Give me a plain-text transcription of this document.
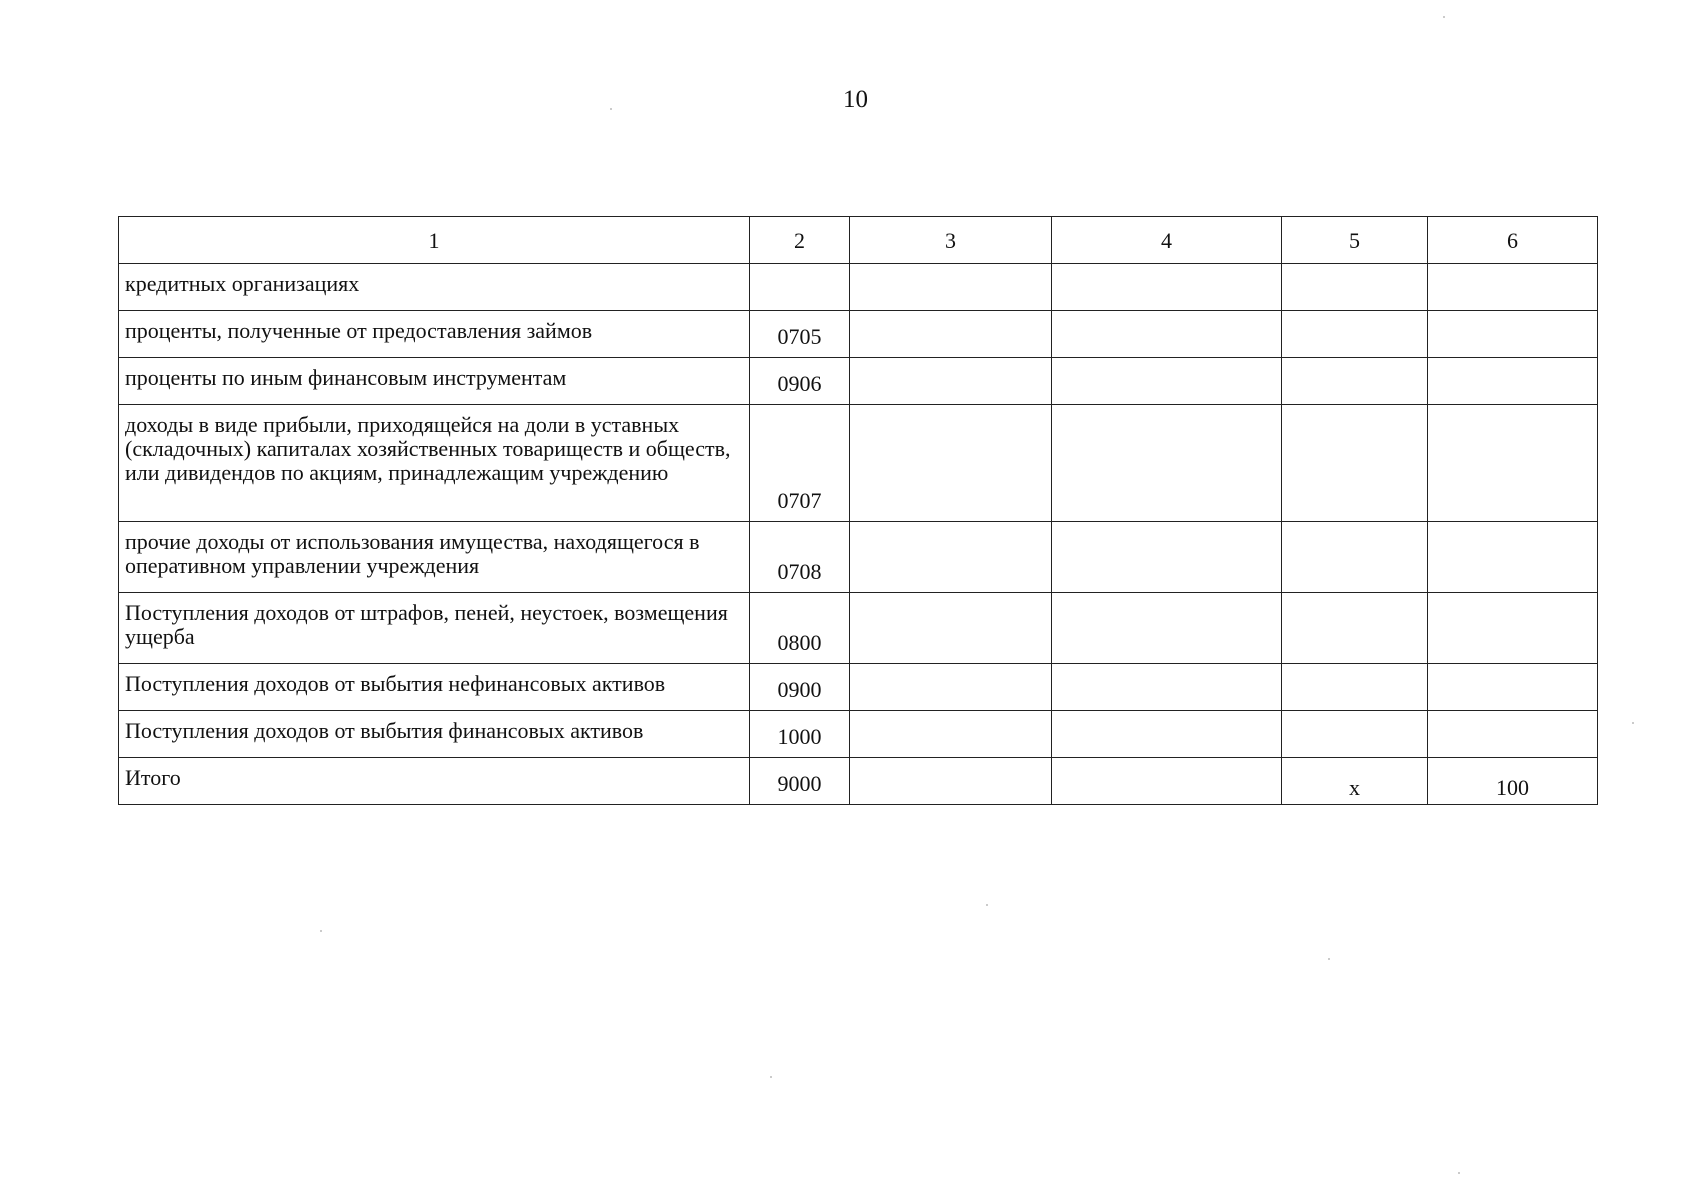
10
1	2	3	4	5	6
кредитных организациях					
проценты, полученные от предоставления займов	0705				
проценты по иным финансовым инструментам	0906				
доходы в виде прибыли, приходящейся на доли в уставных (складочных) капиталах хозяйственных товариществ и обществ, или дивидендов по акциям, принадлежащим учреждению	0707				
прочие доходы от использования имущества, находящегося в оперативном управлении учреждения	0708				
Поступления доходов от штрафов, пеней, неустоек, возмещения ущерба	0800				
Поступления доходов от выбытия нефинансовых активов	0900				
Поступления доходов от выбытия финансовых активов	1000				
Итого	9000			х	100
